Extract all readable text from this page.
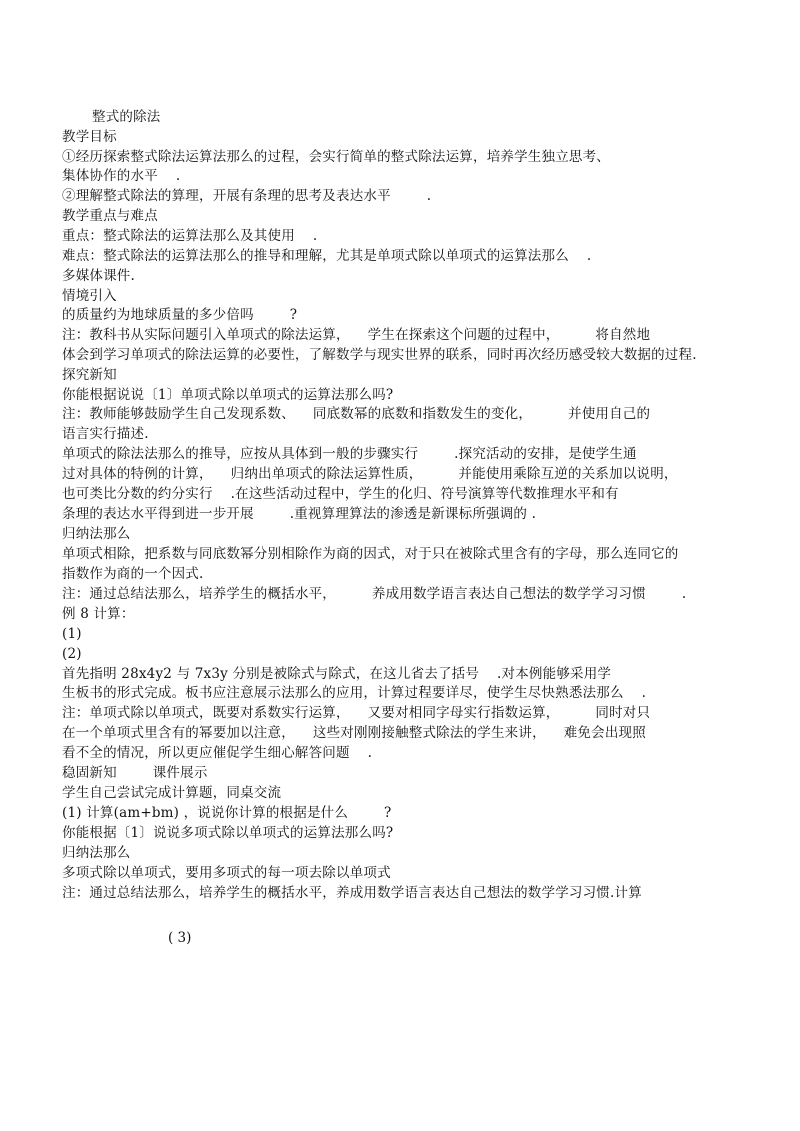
整式的除法
教学目标
①经历探索整式除法运算法那么的过程，会实行简单的整式除法运算，培养学生独立思考、
集体协作的水平    .
②理解整式除法的算理，开展有条理的思考及表达水平        .
教学重点与难点
重点：整式除法的运算法那么及其使用    .
难点：整式除法的运算法那么的推导和理解，尤其是单项式除以单项式的运算法那么    .
多媒体课件.
情境引入
的质量约为地球质量的多少倍吗        ?
注：教科书从实际问题引入单项式的除法运算，    学生在探索这个问题的过程中，        将自然地
体会到学习单项式的除法运算的必要性，了解数学与现实世界的联系，同时再次经历感受较大数据的过程.
探究新知
你能根据说说〔1〕单项式除以单项式的运算法那么吗?
注：教师能够鼓励学生自己发现系数、    同底数幂的底数和指数发生的变化，        并使用自己的
语言实行描述.
单项式的除法法那么的推导，应按从具体到一般的步骤实行        .探究活动的安排，是使学生通
过对具体的特例的计算，    归纳出单项式的除法运算性质，        并能使用乘除互逆的关系加以说明，
也可类比分数的约分实行    .在这些活动过程中，学生的化归、符号演算等代数推理水平和有
条理的表达水平得到进一步开展        .重视算理算法的渗透是新课标所强调的 .
归纳法那么
单项式相除，把系数与同底数幂分别相除作为商的因式，对于只在被除式里含有的字母，那么连同它的
指数作为商的一个因式.
注：通过总结法那么，培养学生的概括水平，        养成用数学语言表达自己想法的数学学习习惯        .
例 8 计算：
(1)
(2)
首先指明 28x4y2 与 7x3y 分别是被除式与除式，在这儿省去了括号    .对本例能够采用学
生板书的形式完成。板书应注意展示法那么的应用，计算过程要详尽，使学生尽快熟悉法那么    .
注：单项式除以单项式，既要对系数实行运算，    又要对相同字母实行指数运算，        同时对只
在一个单项式里含有的幂要加以注意，    这些对刚刚接触整式除法的学生来讲，    难免会出现照
看不全的情况，所以更应催促学生细心解答问题    .
稳固新知        课件展示
学生自己尝试完成计算题，同桌交流
(1) 计算(am+bm) ，说说你计算的根据是什么        ?
你能根据〔1〕说说多项式除以单项式的运算法那么吗?
归纳法那么
多项式除以单项式，要用多项式的每一项去除以单项式
注：通过总结法那么，培养学生的概括水平，养成用数学语言表达自己想法的数学学习习惯.计算
( 3)
